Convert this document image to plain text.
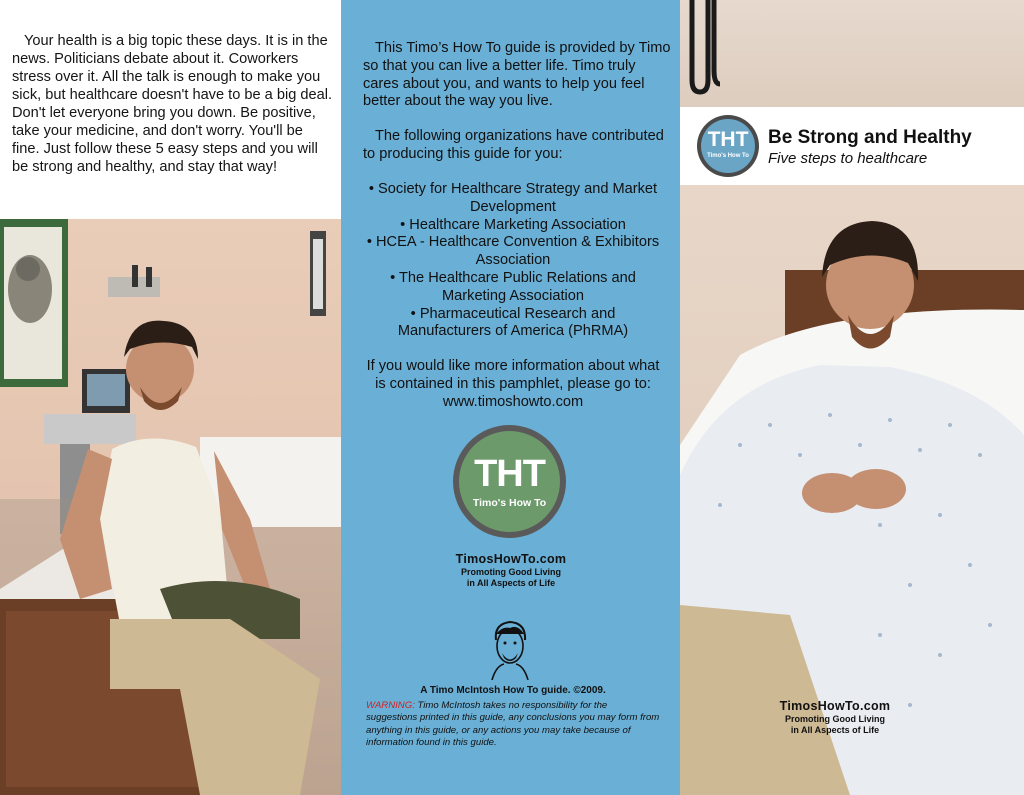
Your health is a big topic these days. It is in the news. Politicians debate about it. Coworkers stress over it. All the talk is enough to make you sick, but healthcare doesn't have to be a big deal. Don't let everyone bring you down. Be positive, take your medicine, and don't worry. You'll be fine. Just follow these 5 easy steps and you will be strong and healthy, and stay that way!

This Timo’s How To guide is provided by Timo so that you can live a better life. Timo truly cares about you, and wants to help you feel better about the way you live.

The following organizations have contributed to producing this guide for you:

• Society for Healthcare Strategy and Market Development
• Healthcare Marketing Association
• HCEA - Healthcare Convention & Exhibitors Association
• The Healthcare Public Relations and Marketing Association
• Pharmaceutical Research and Manufacturers of America (PhRMA)

If you would like more information about what is contained in this pamphlet, please go to: www.timoshowto.com

THT
Timo's How To
TimosHowTo.com
Promoting Good Living
in All Aspects of Life
A Timo McIntosh How To guide. ©2009.

WARNING: Timo McIntosh takes no responsibility for the suggestions printed in this guide, any conclusions you may form from anything in this guide, or any actions you may take because of information found in this guide.

THT
Timo's How To
Be Strong and Healthy
Five steps to healthcare
TimosHowTo.com
Promoting Good Living
in All Aspects of Life
